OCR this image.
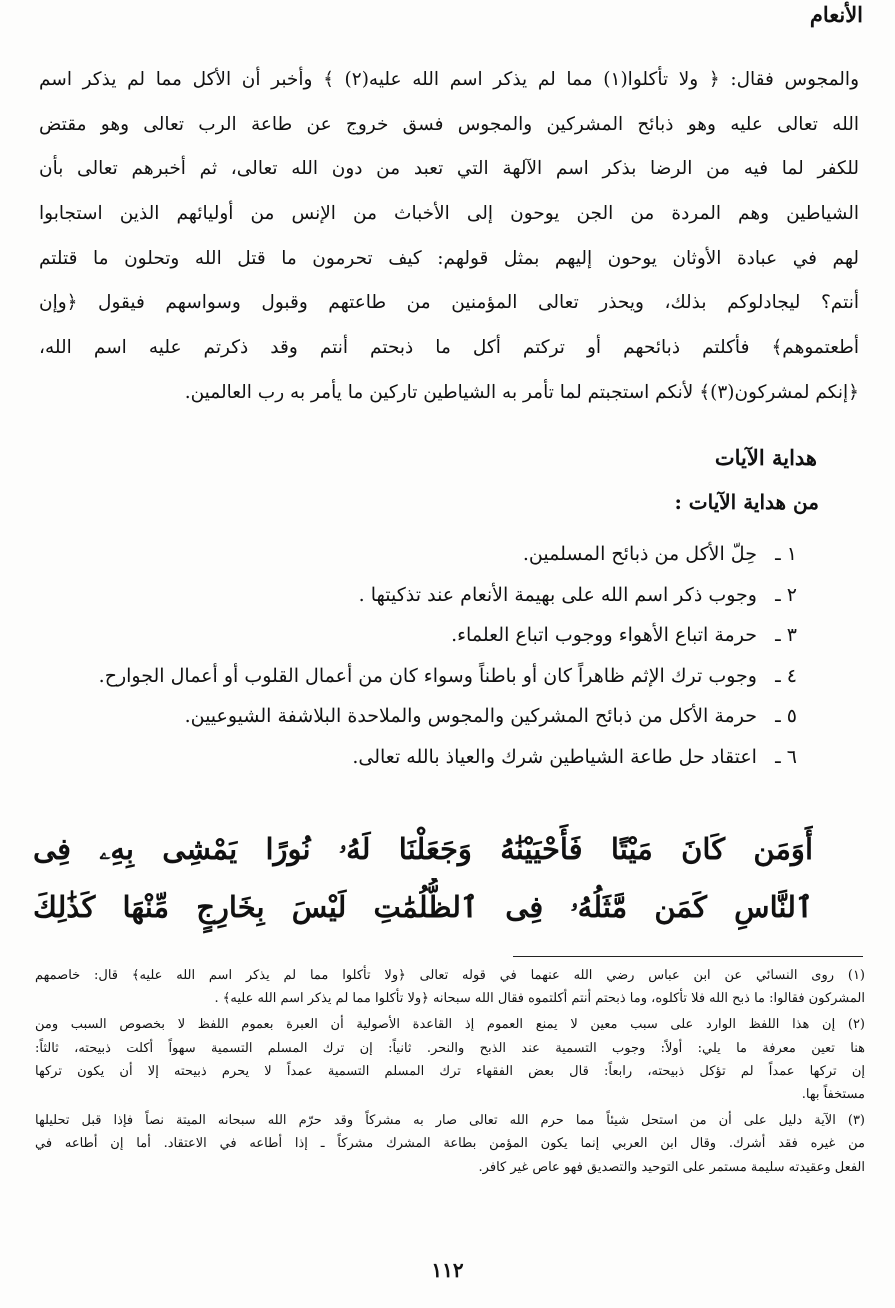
الأنعام
والمجوس فقال: ﴿ ولا تأكلوا(١) مما لم يذكر اسم الله عليه(٢) ﴾ وأخبر أن الأكل مما لم يذكر اسم
الله تعالى عليه وهو ذبائح المشركين والمجوس فسق خروج عن طاعة الرب تعالى وهو مقتض
للكفر لما فيه من الرضا بذكر اسم الآلهة التي تعبد من دون الله تعالى، ثم أخبرهم تعالى بأن
الشياطين وهم المردة من الجن يوحون إلى الأخباث من الإنس من أوليائهم الذين استجابوا
لهم في عبادة الأوثان يوحون إليهم بمثل قولهم: كيف تحرمون ما قتل الله وتحلون ما قتلتم
أنتم؟ ليجادلوكم بذلك، ويحذر تعالى المؤمنين من طاعتهم وقبول وسواسهم فيقول ﴿وإن
أطعتموهم﴾ فأكلتم ذبائحهم أو تركتم أكل ما ذبحتم أنتم وقد ذكرتم عليه اسم الله،
﴿إنكم لمشركون(٣)﴾ لأنكم استجبتم لما تأمر به الشياطين تاركين ما يأمر به رب العالمين.
هداية الآيات
من هداية الآيات :
١ ـ حِلّ الأكل من ذبائح المسلمين.
٢ ـ وجوب ذكر اسم الله على بهيمة الأنعام عند تذكيتها .
٣ ـ حرمة اتباع الأهواء ووجوب اتباع العلماء.
٤ ـ وجوب ترك الإثم ظاهراً كان أو باطناً وسواء كان من أعمال القلوب أو أعمال الجوارح.
٥ ـ حرمة الأكل من ذبائح المشركين والمجوس والملاحدة البلاشفة الشيوعيين.
٦ ـ اعتقاد حل طاعة الشياطين شرك والعياذ بالله تعالى.
أَوَمَن كَانَ مَيْتًا فَأَحْيَيْنَٰهُ وَجَعَلْنَا لَهُۥ نُورًا يَمْشِى بِهِۦ فِى
ٱلنَّاسِ كَمَن مَّثَلُهُۥ فِى ٱلظُّلُمَٰتِ لَيْسَ بِخَارِجٍ مِّنْهَا كَذَٰلِكَ
(١) روى النسائي عن ابن عباس رضي الله عنهما في قوله تعالى ﴿ولا تأكلوا مما لم يذكر اسم الله عليه﴾ قال: خاصمهم
المشركون فقالوا: ما ذبح الله فلا تأكلوه، وما ذبحتم أنتم أكلتموه فقال الله سبحانه ﴿ولا تأكلوا مما لم يذكر اسم الله عليه﴾ .
(٢) إن هذا اللفظ الوارد على سبب معين لا يمنع العموم إذ القاعدة الأصولية أن العبرة بعموم اللفظ لا بخصوص السبب ومن
هنا تعين معرفة ما يلي: أولاً: وجوب التسمية عند الذبح والنحر. ثانياً: إن ترك المسلم التسمية سهواً أكلت ذبيحته، ثالثاً:
إن تركها عمداً لم تؤكل ذبيحته، رابعاً: قال بعض الفقهاء ترك المسلم التسمية عمداً لا يحرم ذبيحته إلا أن يكون تركها
مستخفاً بها.
(٣) الآية دليل على أن من استحل شيئاً مما حرم الله تعالى صار به مشركاً وقد حرّم الله سبحانه الميتة نصاً فإذا قبل تحليلها
من غيره فقد أشرك. وقال ابن العربي إنما يكون المؤمن بطاعة المشرك مشركاً ـ إذا أطاعه في الاعتقاد. أما إن أطاعه في
الفعل وعقيدته سليمة مستمر على التوحيد والتصديق فهو عاص غير كافر.
١١٢
